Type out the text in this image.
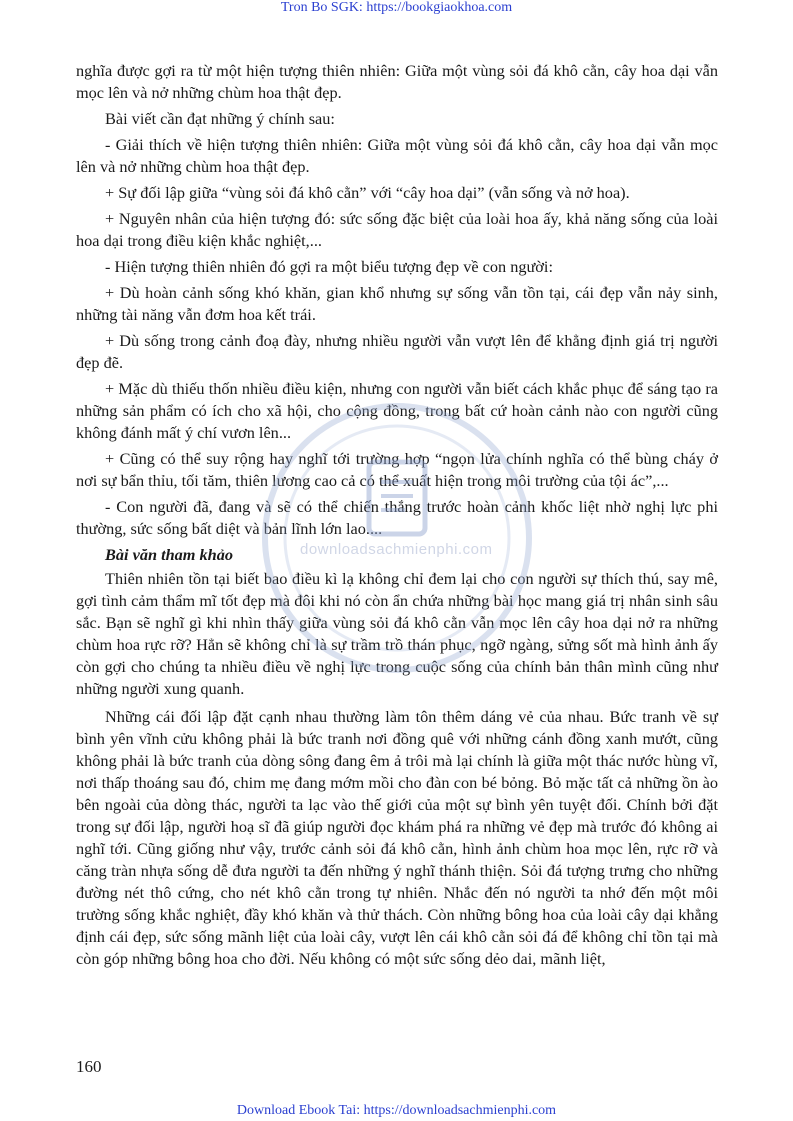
Tron Bo SGK: https://bookgiaokhoa.com

nghĩa được gợi ra từ một hiện tượng thiên nhiên: Giữa một vùng sỏi đá khô cằn, cây hoa dại vẫn mọc lên và nở những chùm hoa thật đẹp.

Bài viết cần đạt những ý chính sau:

- Giải thích về hiện tượng thiên nhiên: Giữa một vùng sỏi đá khô cằn, cây hoa dại vẫn mọc lên và nở những chùm hoa thật đẹp.

+ Sự đối lập giữa “vùng sỏi đá khô cằn” với “cây hoa dại” (vẫn sống và nở hoa).

+ Nguyên nhân của hiện tượng đó: sức sống đặc biệt của loài hoa ấy, khả năng sống của loài hoa dại trong điều kiện khắc nghiệt,...

- Hiện tượng thiên nhiên đó gợi ra một biểu tượng đẹp về con người:

+ Dù hoàn cảnh sống khó khăn, gian khổ nhưng sự sống vẫn tồn tại, cái đẹp vẫn nảy sinh, những tài năng vẫn đơm hoa kết trái.

+ Dù sống trong cảnh đoạ đày, nhưng nhiều người vẫn vượt lên để khẳng định giá trị người đẹp đẽ.

+ Mặc dù thiếu thốn nhiều điều kiện, nhưng con người vẫn biết cách khắc phục để sáng tạo ra những sản phẩm có ích cho xã hội, cho cộng đồng, trong bất cứ hoàn cảnh nào con người cũng không đánh mất ý chí vươn lên...

+ Cũng có thể suy rộng hay nghĩ tới trường hợp “ngọn lửa chính nghĩa có thể bùng cháy ở nơi sự bẩn thỉu, tối tăm, thiên lương cao cả có thể xuất hiện trong môi trường của tội ác”,...

- Con người đã, đang và sẽ có thể chiến thắng trước hoàn cảnh khốc liệt nhờ nghị lực phi thường, sức sống bất diệt và bản lĩnh lớn lao....

Bài văn tham khảo

Thiên nhiên tồn tại biết bao điều kì lạ không chỉ đem lại cho con người sự thích thú, say mê, gợi tình cảm thẩm mĩ tốt đẹp mà đôi khi nó còn ẩn chứa những bài học mang giá trị nhân sinh sâu sắc. Bạn sẽ nghĩ gì khi nhìn thấy giữa vùng sỏi đá khô cằn vẫn mọc lên cây hoa dại nở ra những chùm hoa rực rỡ? Hẳn sẽ không chỉ là sự trầm trồ thán phục, ngỡ ngàng, sửng sốt mà hình ảnh ấy còn gợi cho chúng ta nhiều điều về nghị lực trong cuộc sống của chính bản thân mình cũng như những người xung quanh.

Những cái đối lập đặt cạnh nhau thường làm tôn thêm dáng vẻ của nhau. Bức tranh về sự bình yên vĩnh cửu không phải là bức tranh nơi đồng quê với những cánh đồng xanh mướt, cũng không phải là bức tranh của dòng sông đang êm ả trôi mà lại chính là giữa một thác nước hùng vĩ, nơi thấp thoáng sau đó, chim mẹ đang mớm mồi cho đàn con bé bỏng. Bỏ mặc tất cả những ồn ào bên ngoài của dòng thác, người ta lạc vào thế giới của một sự bình yên tuyệt đối. Chính bởi đặt trong sự đối lập, người hoạ sĩ đã giúp người đọc khám phá ra những vẻ đẹp mà trước đó không ai nghĩ tới. Cũng giống như vậy, trước cảnh sỏi đá khô cằn, hình ảnh chùm hoa mọc lên, rực rỡ và căng tràn nhựa sống dễ đưa người ta đến những ý nghĩ thánh thiện. Sỏi đá tượng trưng cho những đường nét thô cứng, cho nét khô cằn trong tự nhiên. Nhắc đến nó người ta nhớ đến một môi trường sống khắc nghiệt, đầy khó khăn và thử thách. Còn những bông hoa của loài cây dại khẳng định cái đẹp, sức sống mãnh liệt của loài cây, vượt lên cái khô cằn sỏi đá để không chỉ tồn tại mà còn góp những bông hoa cho đời. Nếu không có một sức sống dẻo dai, mãnh liệt,

downloadsachmienphi.com
160
Download Ebook Tai: https://downloadsachmienphi.com
